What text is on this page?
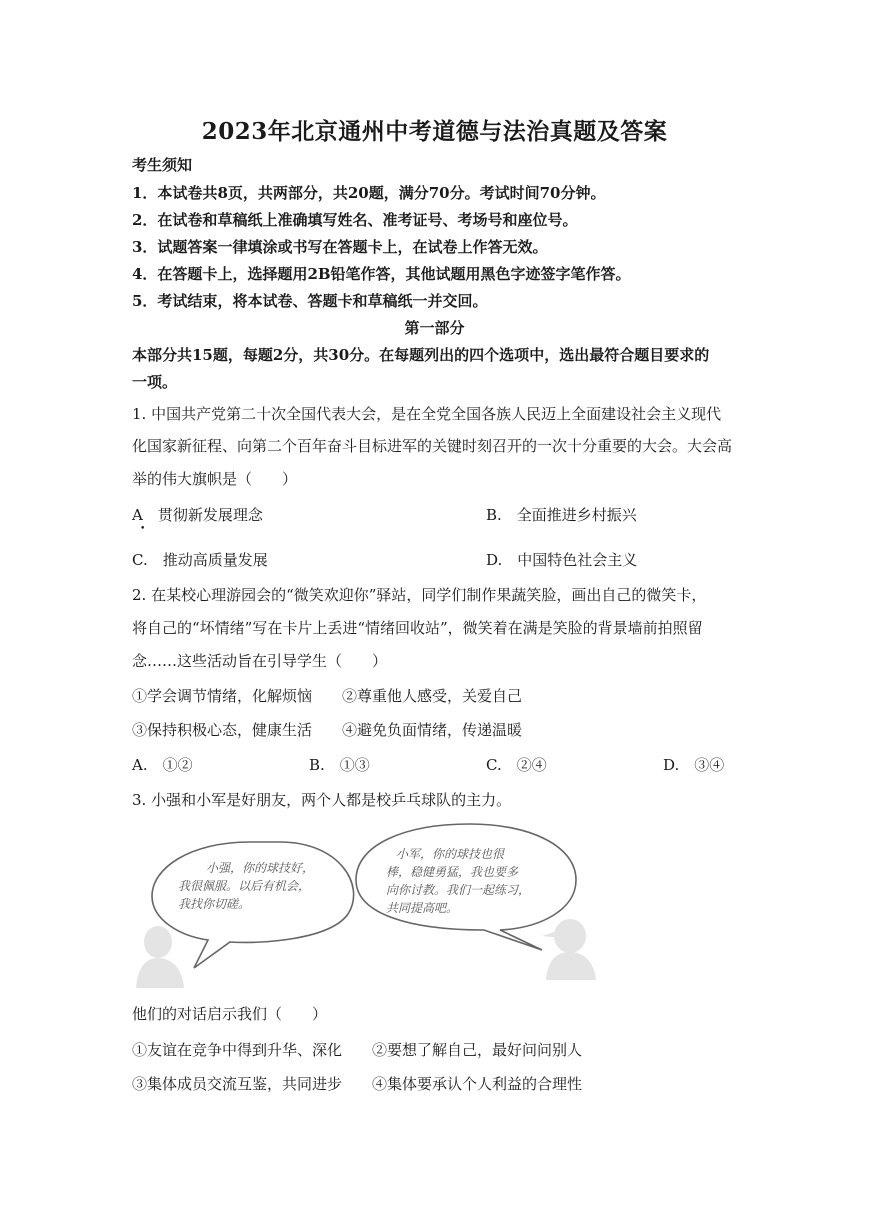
2023年北京通州中考道德与法治真题及答案
考生须知
1．本试卷共8页，共两部分，共20题，满分70分。考试时间70分钟。
2．在试卷和草稿纸上准确填写姓名、准考证号、考场号和座位号。
3．试题答案一律填涂或书写在答题卡上，在试卷上作答无效。
4．在答题卡上，选择题用2B铅笔作答，其他试题用黑色字迹签字笔作答。
5．考试结束，将本试卷、答题卡和草稿纸一并交回。
第一部分
本部分共15题，每题2分，共30分。在每题列出的四个选项中，选出最符合题目要求的
一项。
1. 中国共产党第二十次全国代表大会，是在全党全国各族人民迈上全面建设社会主义现代
化国家新征程、向第二个百年奋斗目标进军的关键时刻召开的一次十分重要的大会。大会高
举的伟大旗帜是（　　）
A　贯彻新发展理念
•
B.　全面推进乡村振兴
C.　推动高质量发展	D.　中国特色社会主义
2. 在某校心理游园会的“微笑欢迎你”驿站，同学们制作果蔬笑脸，画出自己的微笑卡，
将自己的“坏情绪”写在卡片上丢进“情绪回收站”，微笑着在满是笑脸的背景墙前拍照留
念……这些活动旨在引导学生（　　）
①学会调节情绪，化解烦恼　　②尊重他人感受，关爱自己
③保持积极心态，健康生活　　④避免负面情绪，传递温暖
A.　①②	B.　①③	C.　②④	D.　③④
3. 小强和小军是好朋友，两个人都是校乒乓球队的主力。
小强，你的球技好，
我很佩服。以后有机会，
我找你切磋。
小军，你的球技也很
棒，稳健勇猛，我也要多
向你讨教。我们一起练习，
共同提高吧。
他们的对话启示我们（　　）
①友谊在竞争中得到升华、深化　　②要想了解自己，最好问问别人
③集体成员交流互鉴，共同进步　　④集体要承认个人利益的合理性
